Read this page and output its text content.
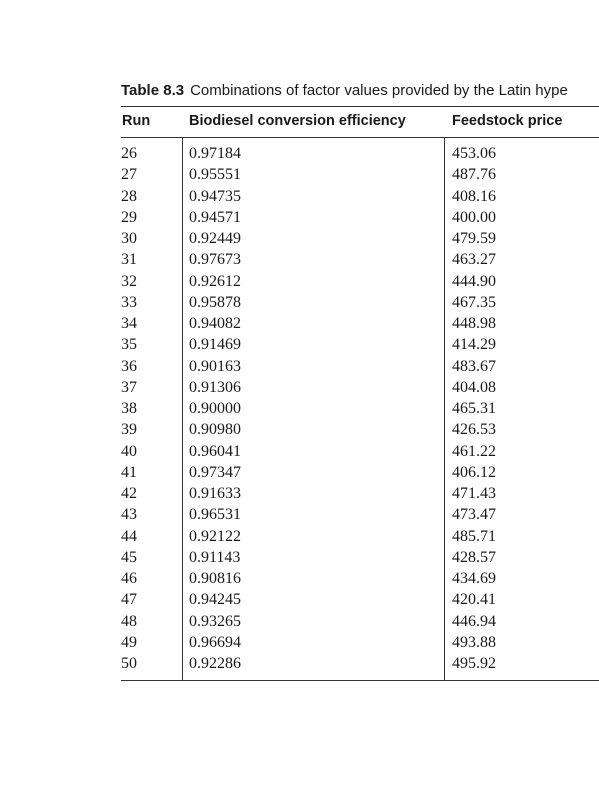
Table 8.3 Combinations of factor values provided by the Latin hype
Run	Biodiesel conversion efficiency	Feedstock price
26	0.97184	453.06
27	0.95551	487.76
28	0.94735	408.16
29	0.94571	400.00
30	0.92449	479.59
31	0.97673	463.27
32	0.92612	444.90
33	0.95878	467.35
34	0.94082	448.98
35	0.91469	414.29
36	0.90163	483.67
37	0.91306	404.08
38	0.90000	465.31
39	0.90980	426.53
40	0.96041	461.22
41	0.97347	406.12
42	0.91633	471.43
43	0.96531	473.47
44	0.92122	485.71
45	0.91143	428.57
46	0.90816	434.69
47	0.94245	420.41
48	0.93265	446.94
49	0.96694	493.88
50	0.92286	495.92
